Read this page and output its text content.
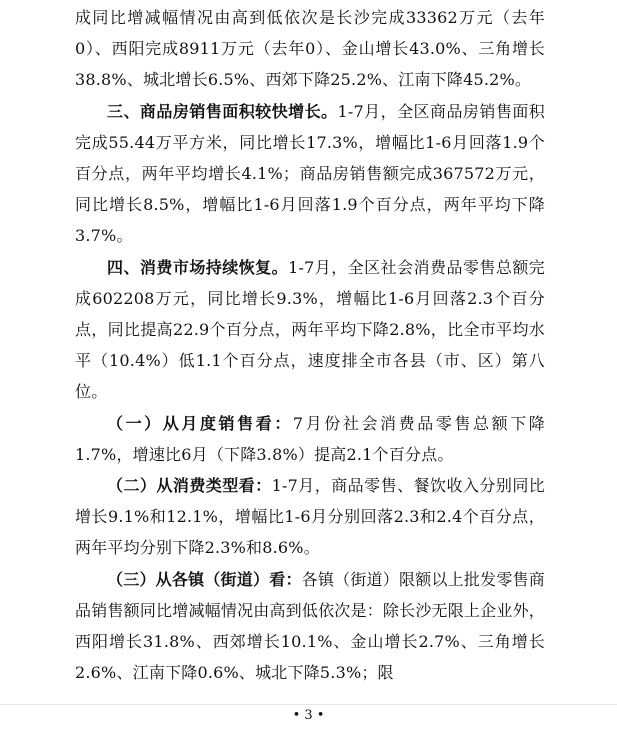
成同比增减幅情况由高到低依次是长沙完成33362万元（去年0）、西阳完成8911万元（去年0）、金山增长43.0%、三角增长38.8%、城北增长6.5%、西郊下降25.2%、江南下降45.2%。

三、商品房销售面积较快增长。1-7月，全区商品房销售面积完成55.44万平方米，同比增长17.3%，增幅比1-6月回落1.9个百分点，两年平均增长4.1%；商品房销售额完成367572万元，同比增长8.5%，增幅比1-6月回落1.9个百分点，两年平均下降3.7%。

四、消费市场持续恢复。1-7月，全区社会消费品零售总额完成602208万元，同比增长9.3%，增幅比1-6月回落2.3个百分点，同比提高22.9个百分点，两年平均下降2.8%，比全市平均水平（10.4%）低1.1个百分点，速度排全市各县（市、区）第八位。

（一）从月度销售看：7月份社会消费品零售总额下降1.7%，增速比6月（下降3.8%）提高2.1个百分点。

（二）从消费类型看：1-7月，商品零售、餐饮收入分别同比增长9.1%和12.1%，增幅比1-6月分别回落2.3和2.4个百分点，两年平均分别下降2.3%和8.6%。

（三）从各镇（街道）看：各镇（街道）限额以上批发零售商品销售额同比增减幅情况由高到低依次是：除长沙无限上企业外，西阳增长31.8%、西郊增长10.1%、金山增长2.7%、三角增长2.6%、江南下降0.6%、城北下降5.3%；限

• 3 •
